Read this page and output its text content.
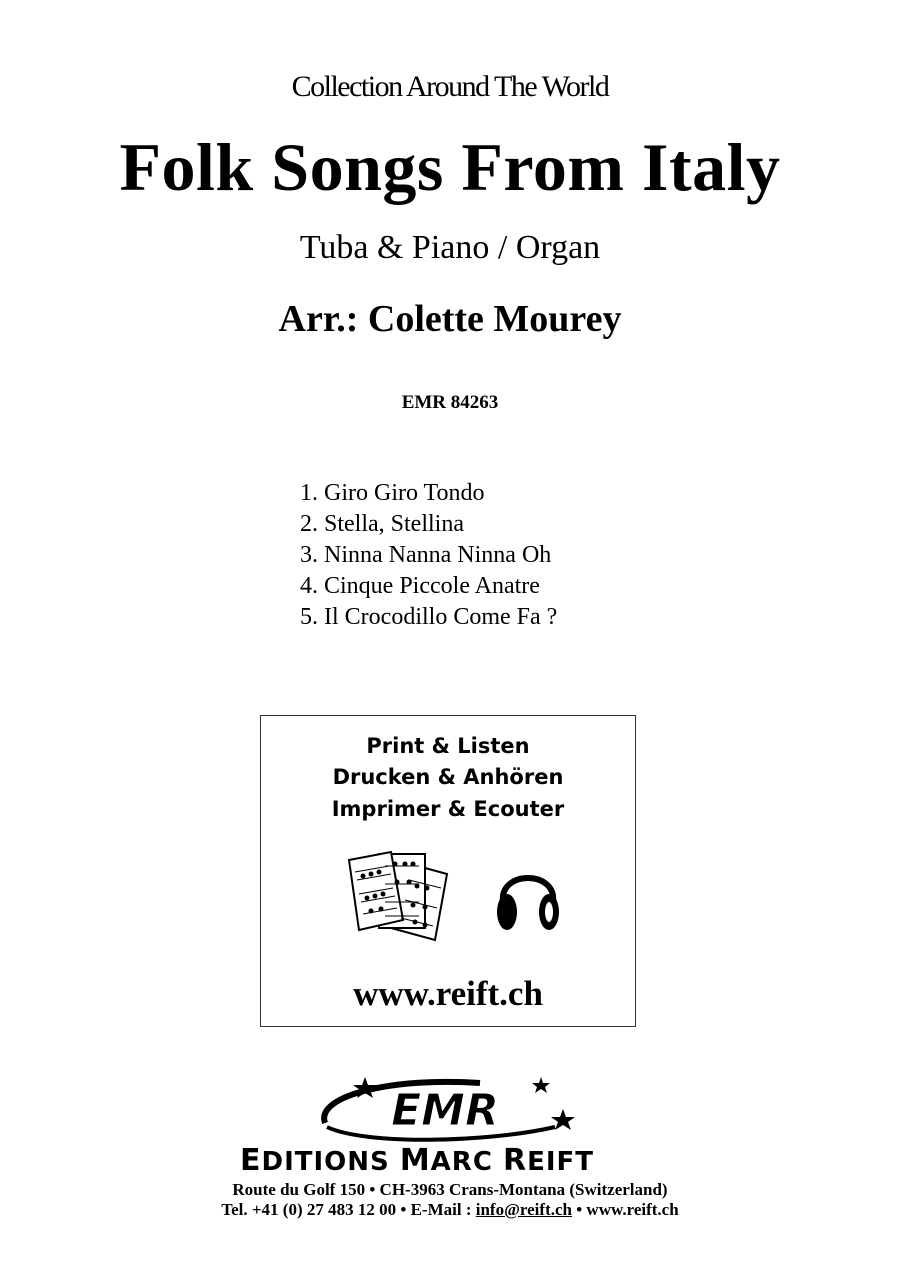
Collection Around The World
Folk Songs From Italy
Tuba & Piano / Organ
Arr.: Colette Mourey
EMR 84263
1. Giro Giro Tondo
2. Stella, Stellina
3. Ninna Nanna Ninna Oh
4. Cinque Piccole Anatre
5. Il Crocodillo Come Fa ?
Print & Listen
Drucken & Anhören
Imprimer & Ecouter
www.reift.ch
EMR
EDITIONS MARC REIFT
Route du Golf 150 • CH-3963 Crans-Montana (Switzerland)
Tel. +41 (0) 27 483 12 00 • E-Mail : info@reift.ch • www.reift.ch
